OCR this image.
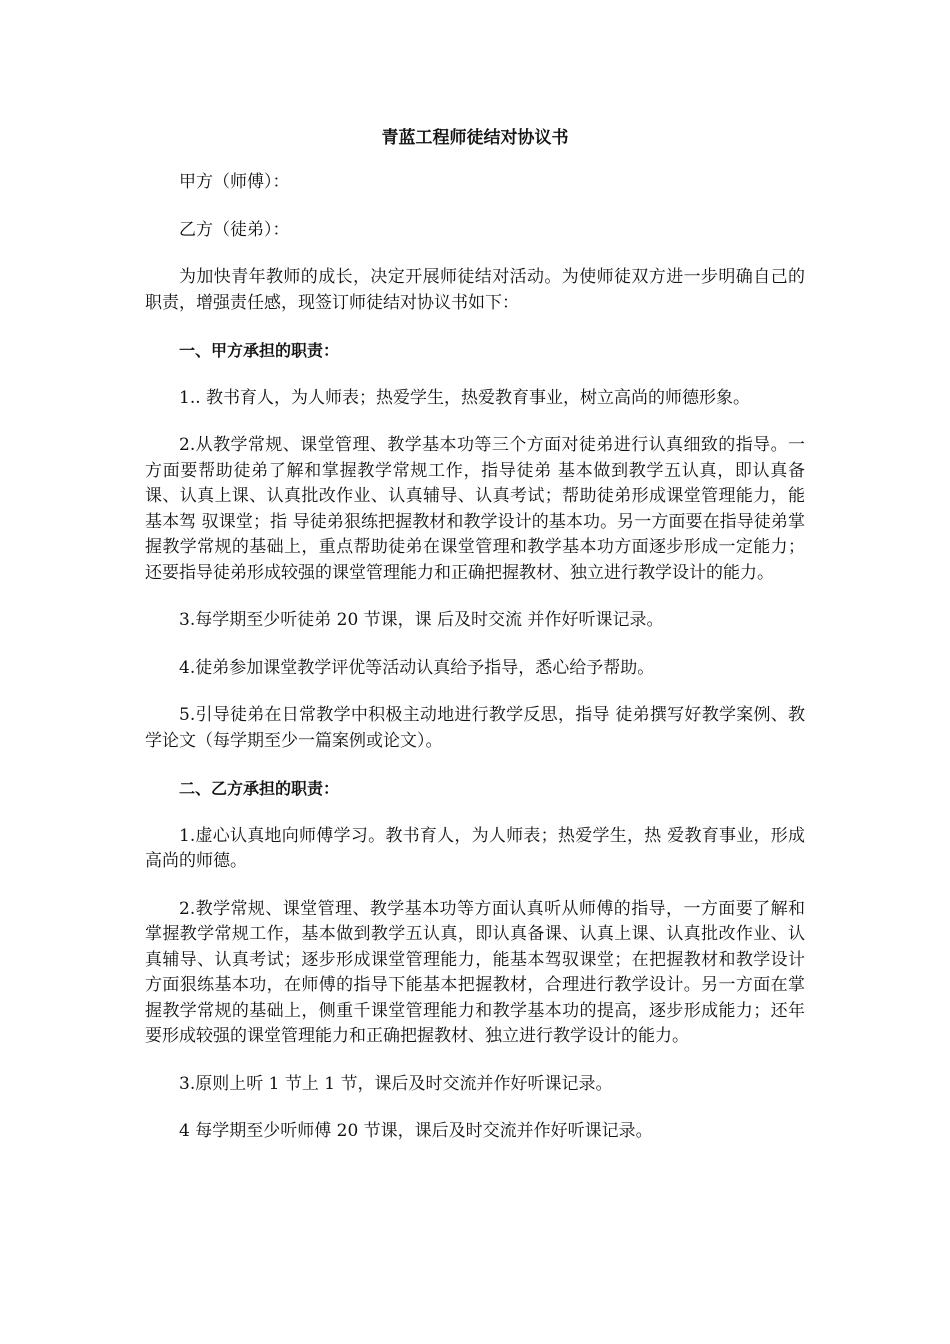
青蓝工程师徒结对协议书
甲方（师傅）：
乙方（徒弟）：

为加快青年教师的成长，决定开展师徒结对活动。为使师徒双方进一步明确自己的职责，增强责任感，现签订师徒结对协议书如下：

一、甲方承担的职责：

1.. 教书育人，为人师表；热爱学生，热爱教育事业，树立高尚的师德形象。

2.从教学常规、课堂管理、教学基本功等三个方面对徒弟进行认真细致的指导。一方面要帮助徒弟了解和掌握教学常规工作，指导徒弟 基本做到教学五认真，即认真备课、认真上课、认真批改作业、认真辅导、认真考试；帮助徒弟形成课堂管理能力，能基本驾 驭课堂；指 导徒弟狠练把握教材和教学设计的基本功。另一方面要在指导徒弟掌握教学常规的基础上，重点帮助徒弟在课堂管理和教学基本功方面逐步形成一定能力；还要指导徒弟形成较强的课堂管理能力和正确把握教材、独立进行教学设计的能力。

3.每学期至少听徒弟 20 节课，课 后及时交流 并作好听课记录。

4.徒弟参加课堂教学评优等活动认真给予指导，悉心给予帮助。

5.引导徒弟在日常教学中积极主动地进行教学反思，指导 徒弟撰写好教学案例、教学论文（每学期至少一篇案例或论文）。

二、乙方承担的职责：

1.虚心认真地向师傅学习。教书育人，为人师表；热爱学生，热 爱教育事业，形成高尚的师德。

2.教学常规、课堂管理、教学基本功等方面认真听从师傅的指导，一方面要了解和掌握教学常规工作，基本做到教学五认真，即认真备课、认真上课、认真批改作业、认真辅导、认真考试；逐步形成课堂管理能力，能基本驾驭课堂；在把握教材和教学设计方面狠练基本功，在师傅的指导下能基本把握教材，合理进行教学设计。另一方面在掌握教学常规的基础上，侧重千课堂管理能力和教学基本功的提高，逐步形成能力；还年要形成较强的课堂管理能力和正确把握教材、独立进行教学设计的能力。

3.原则上听 1 节上 1 节，课后及时交流并作好听课记录。

4 每学期至少听师傅 20 节课，课后及时交流并作好听课记录。
